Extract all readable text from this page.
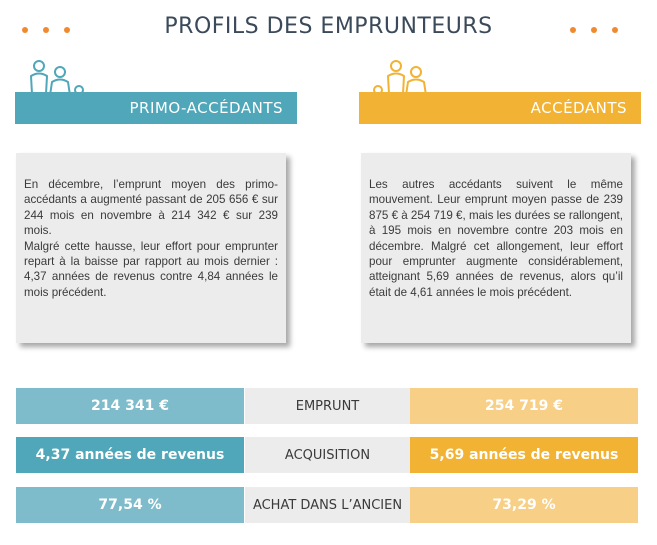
PROFILS DES EMPRUNTEURS
PRIMO-ACCÉDANTS	ACCÉDANTS

En décembre, l’emprunt moyen des primo-accédants a augmenté passant de 205 656 € sur 244 mois en novembre à 214 342 € sur 239 mois.

Malgré cette hausse, leur effort pour emprunter repart à la baisse par rapport au mois dernier : 4,37 années de revenus contre 4,84 années le mois précédent.

Les autres accédants suivent le même mouvement. Leur emprunt moyen passe de 239 875 € à 254 719 €, mais les durées se rallongent, à 195 mois en novembre contre 203 mois en décembre. Malgré cet allongement, leur effort pour emprunter augmente considérablement, atteignant 5,69 années de revenus, alors qu’il était de 4,61 années le mois précédent.

214 341 €	EMPRUNT	254 719 €
4,37 années de revenus	ACQUISITION	5,69 années de revenus
77,54 %	ACHAT DANS L’ANCIEN	73,29 %
